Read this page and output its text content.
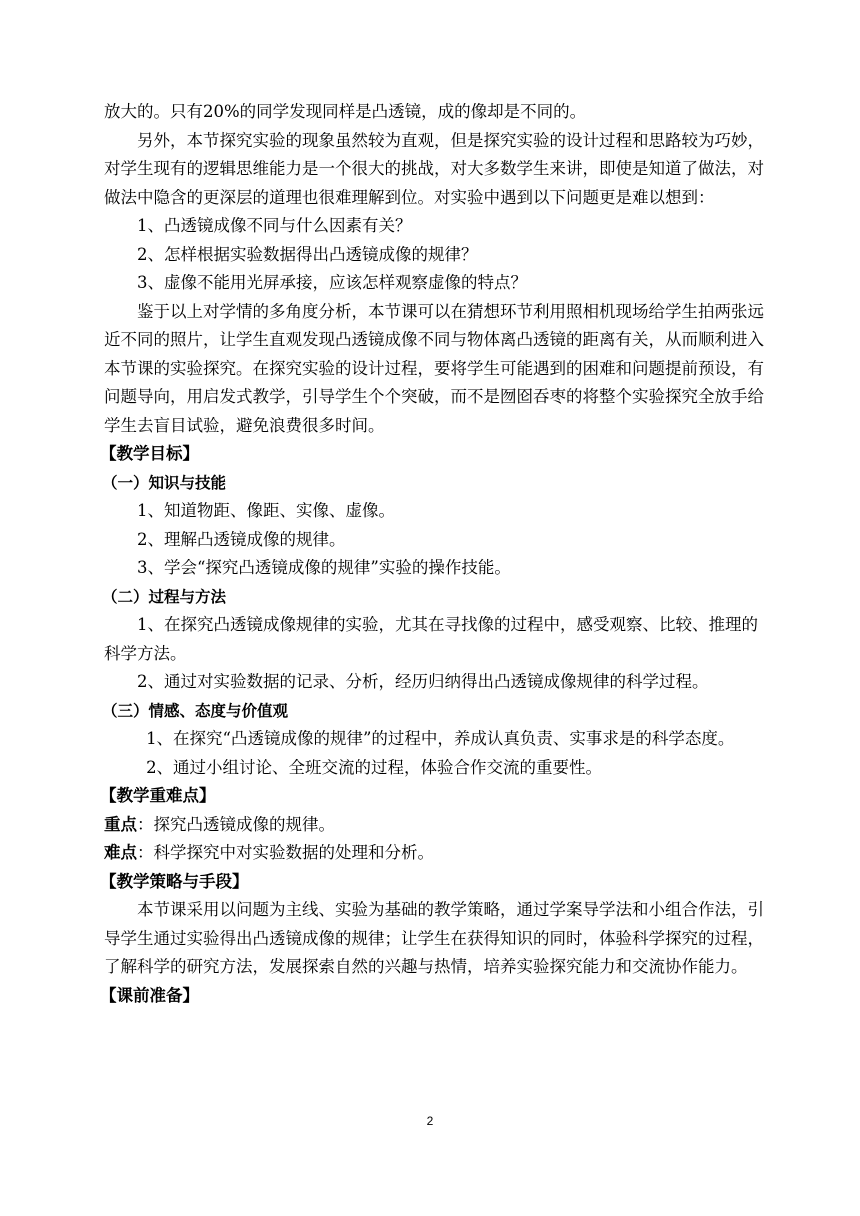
放大的。只有20%的同学发现同样是凸透镜，成的像却是不同的。

另外，本节探究实验的现象虽然较为直观，但是探究实验的设计过程和思路较为巧妙，对学生现有的逻辑思维能力是一个很大的挑战，对大多数学生来讲，即使是知道了做法，对做法中隐含的更深层的道理也很难理解到位。对实验中遇到以下问题更是难以想到：

1、凸透镜成像不同与什么因素有关？

2、怎样根据实验数据得出凸透镜成像的规律？

3、虚像不能用光屏承接，应该怎样观察虚像的特点？

鉴于以上对学情的多角度分析，本节课可以在猜想环节利用照相机现场给学生拍两张远近不同的照片，让学生直观发现凸透镜成像不同与物体离凸透镜的距离有关，从而顺利进入本节课的实验探究。在探究实验的设计过程，要将学生可能遇到的困难和问题提前预设，有问题导向，用启发式教学，引导学生个个突破，而不是囫囵吞枣的将整个实验探究全放手给学生去盲目试验，避免浪费很多时间。

【教学目标】

（一）知识与技能

1、知道物距、像距、实像、虚像。

2、理解凸透镜成像的规律。

3、学会“探究凸透镜成像的规律”实验的操作技能。

（二）过程与方法

1、在探究凸透镜成像规律的实验，尤其在寻找像的过程中，感受观察、比较、推理的科学方法。

2、通过对实验数据的记录、分析，经历归纳得出凸透镜成像规律的科学过程。

（三）情感、态度与价值观

1、在探究“凸透镜成像的规律”的过程中，养成认真负责、实事求是的科学态度。

2、通过小组讨论、全班交流的过程，体验合作交流的重要性。

【教学重难点】

重点：探究凸透镜成像的规律。

难点：科学探究中对实验数据的处理和分析。

【教学策略与手段】

本节课采用以问题为主线、实验为基础的教学策略，通过学案导学法和小组合作法，引导学生通过实验得出凸透镜成像的规律；让学生在获得知识的同时，体验科学探究的过程，了解科学的研究方法，发展探索自然的兴趣与热情，培养实验探究能力和交流协作能力。

【课前准备】

2
